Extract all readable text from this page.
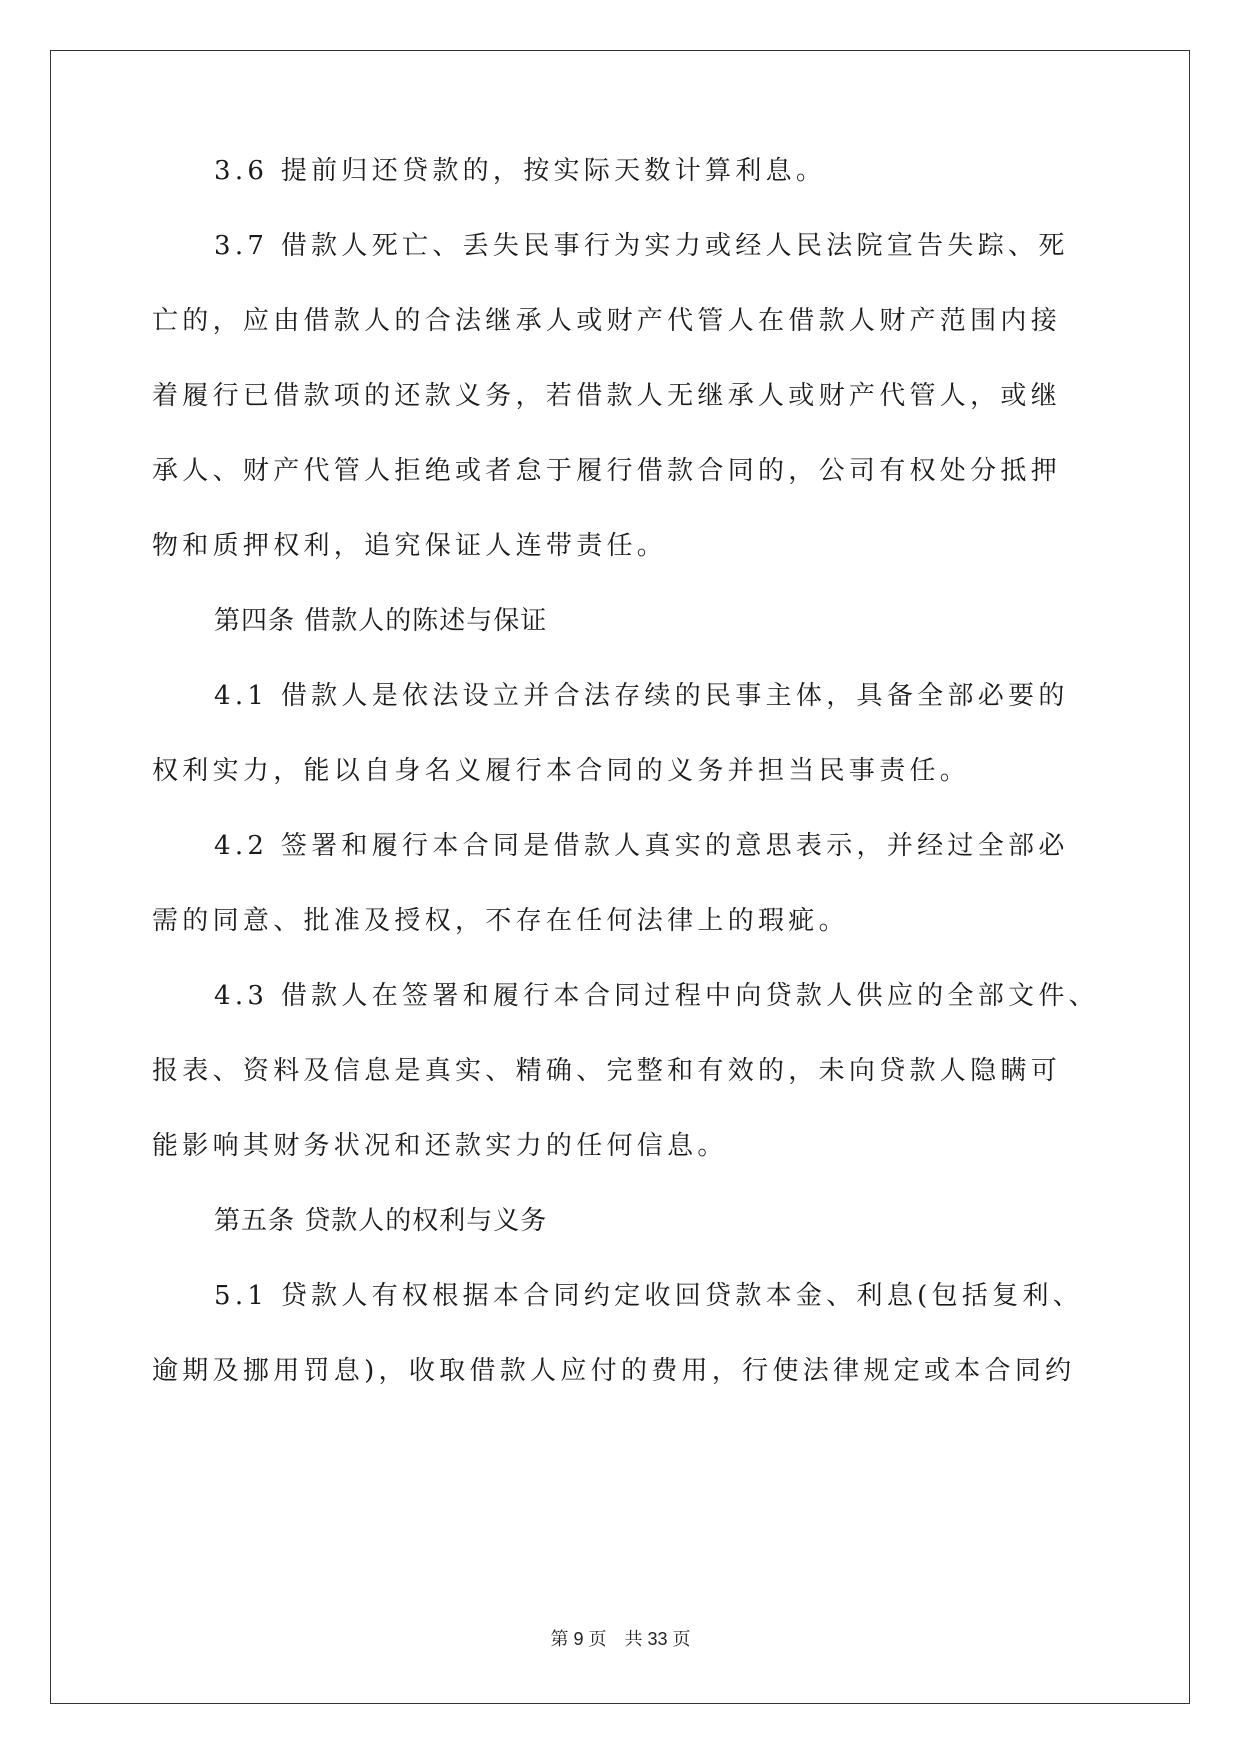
3.6 提前归还贷款的，按实际天数计算利息。
3.7 借款人死亡、丢失民事行为实力或经人民法院宣告失踪、死
亡的，应由借款人的合法继承人或财产代管人在借款人财产范围内接
着履行已借款项的还款义务，若借款人无继承人或财产代管人，或继
承人、财产代管人拒绝或者怠于履行借款合同的，公司有权处分抵押
物和质押权利，追究保证人连带责任。
第四条 借款人的陈述与保证
4.1 借款人是依法设立并合法存续的民事主体，具备全部必要的
权利实力，能以自身名义履行本合同的义务并担当民事责任。
4.2 签署和履行本合同是借款人真实的意思表示，并经过全部必
需的同意、批准及授权，不存在任何法律上的瑕疵。
4.3 借款人在签署和履行本合同过程中向贷款人供应的全部文件、
报表、资料及信息是真实、精确、完整和有效的，未向贷款人隐瞒可
能影响其财务状况和还款实力的任何信息。
第五条 贷款人的权利与义务
5.1 贷款人有权根据本合同约定收回贷款本金、利息(包括复利、
逾期及挪用罚息)，收取借款人应付的费用，行使法律规定或本合同约
第 9 页 共 33 页
